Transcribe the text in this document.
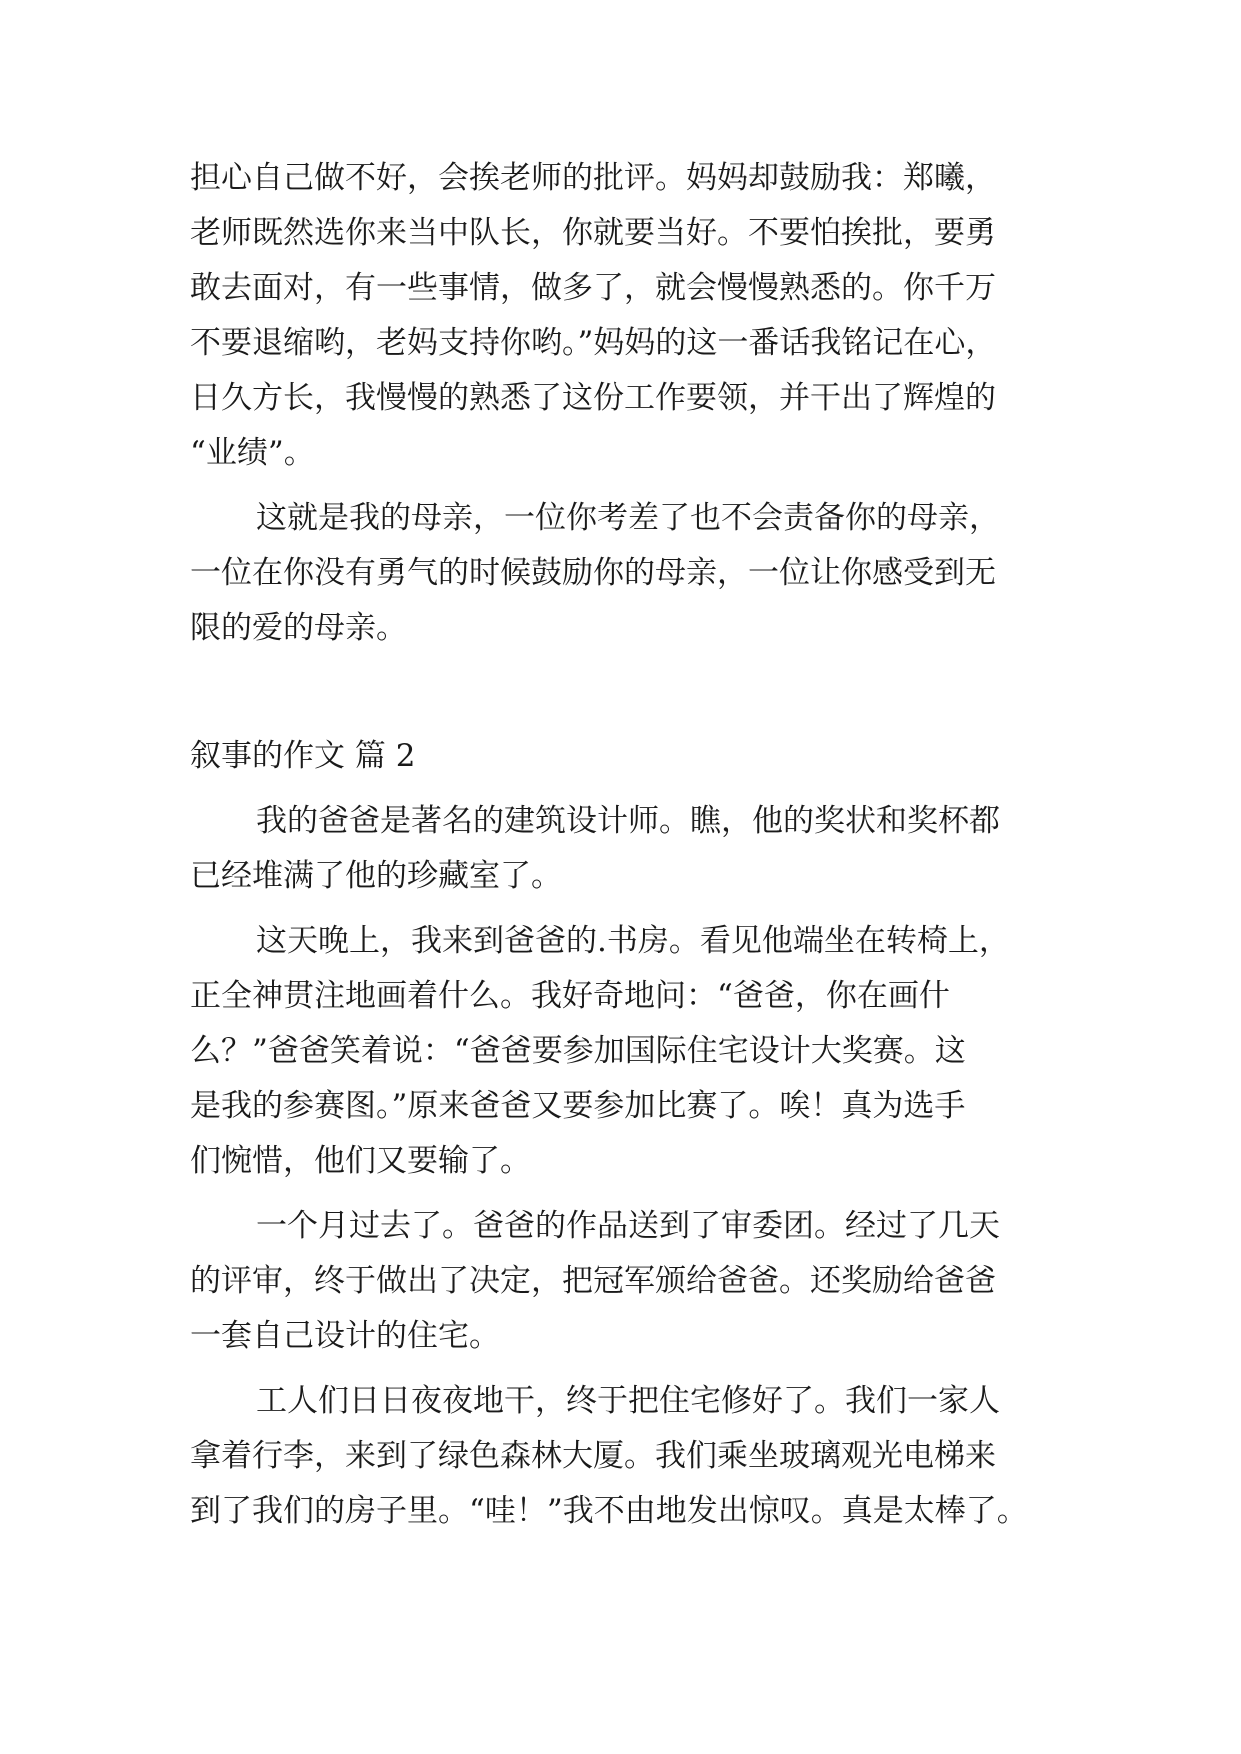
担心自己做不好，会挨老师的批评。妈妈却鼓励我：郑曦，
老师既然选你来当中队长，你就要当好。不要怕挨批，要勇
敢去面对，有一些事情，做多了，就会慢慢熟悉的。你千万
不要退缩哟，老妈支持你哟。”妈妈的这一番话我铭记在心，
日久方长，我慢慢的熟悉了这份工作要领，并干出了辉煌的
“业绩”。
这就是我的母亲，一位你考差了也不会责备你的母亲，
一位在你没有勇气的时候鼓励你的母亲，一位让你感受到无
限的爱的母亲。
叙事的作文 篇 2
我的爸爸是著名的建筑设计师。瞧，他的奖状和奖杯都
已经堆满了他的珍藏室了。
这天晚上，我来到爸爸的.书房。看见他端坐在转椅上，
正全神贯注地画着什么。我好奇地问：“爸爸，你在画什
么？”爸爸笑着说：“爸爸要参加国际住宅设计大奖赛。这
是我的参赛图。”原来爸爸又要参加比赛了。唉！真为选手
们惋惜，他们又要输了。
一个月过去了。爸爸的作品送到了审委团。经过了几天
的评审，终于做出了决定，把冠军颁给爸爸。还奖励给爸爸
一套自己设计的住宅。
工人们日日夜夜地干，终于把住宅修好了。我们一家人
拿着行李，来到了绿色森林大厦。我们乘坐玻璃观光电梯来
到了我们的房子里。“哇！”我不由地发出惊叹。真是太棒了。
